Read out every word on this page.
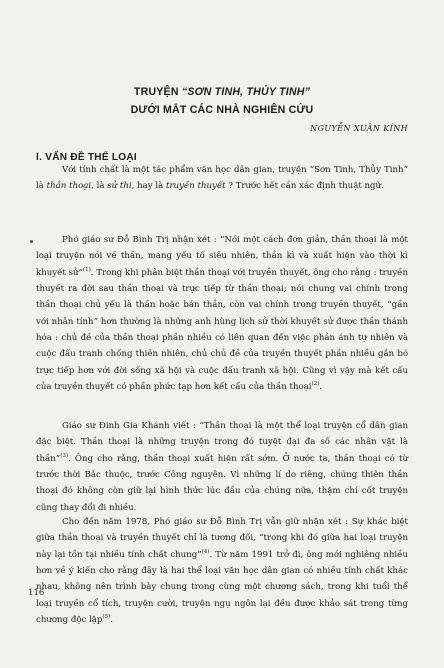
TRUYỆN “SƠN TINH, THỦY TINH”
DƯỚI MẮT CÁC NHÀ NGHIÊN CỨU
NGUYỄN XUÂN KÍNH
I. VẤN ĐỀ THỂ LOẠI

Với tính chất là một tác phẩm văn học dân gian, truyện “Sơn Tinh, Thủy Tinh” là thần thoại, là sử thi, hay là truyền thuyết ? Trước hết cần xác định thuật ngữ.

Phó giáo sư Đỗ Bình Trị nhận xét : “Nói một cách đơn giản, thần thoại là một loại truyện nói về thần, mang yếu tố siêu nhiên, thần kì và xuất hiện vào thời kì khuyết sử”$^{(1)}$. Trong khi phân biệt thần thoại với truyền thuyết, ông cho rằng : truyền thuyết ra đời sau thần thoại và trực tiếp từ thần thoại; nói chung vai chính trong thần thoại chủ yếu là thần hoặc bán thần, còn vai chính trong truyền thuyết, “gần với nhân tính” hơn thường là những anh hùng lịch sử thời khuyết sử được thần thánh hóa : chủ đề của thần thoại phần nhiều có liên quan đến việc phản ánh tự nhiên và cuộc đấu tranh chống thiên nhiên, chủ chủ đề của truyền thuyết phần nhiều gắn bó trực tiếp hơn với đời sống xã hội và cuộc đấu tranh xã hội. Cũng vì vậy mà kết cấu của truyền thuyết có phần phức tạp hơn kết cấu của thần thoại$^{(2)}$.

Giáo sư Đinh Gia Khánh viết : “Thần thoại là một thể loại truyện cổ dân gian đặc biệt. Thần thoại là những truyện trong đó tuyệt đại đa số các nhân vật là thần”$^{(3)}$. Ông cho rằng, thần thoại xuất hiện rất sớm. Ở nước ta, thần thoại có từ trước thời Bắc thuộc, trước Công nguyên. Vì những lí do riêng, chúng thiên thần thoại đó không còn giữ lại hình thức lúc đầu của chúng nữa, thậm chí cốt truyện cũng thay đổi đi nhiều.

Cho đến năm 1978, Phó giáo sư Đỗ Bình Trị vẫn giữ nhận xét : Sự khác biệt giữa thần thoại và truyền thuyết chỉ là tương đối, “trong khi đó giữa hai loại truyện này lại tồn tại nhiều tính chất chung”$^{(4)}$. Từ năm 1991 trở đi, ông mới nghiêng nhiều hơn về ý kiến cho rằng đây là hai thể loại văn học dân gian có nhiều tính chất khác nhau, không nên trình bày chung trong cùng một chương sách, trong khi tuổi thể loại truyền cổ tích, truyện cười, truyện ngụ ngôn lại đều được khảo sát trong từng chương độc lập$^{(5)}$.

116
